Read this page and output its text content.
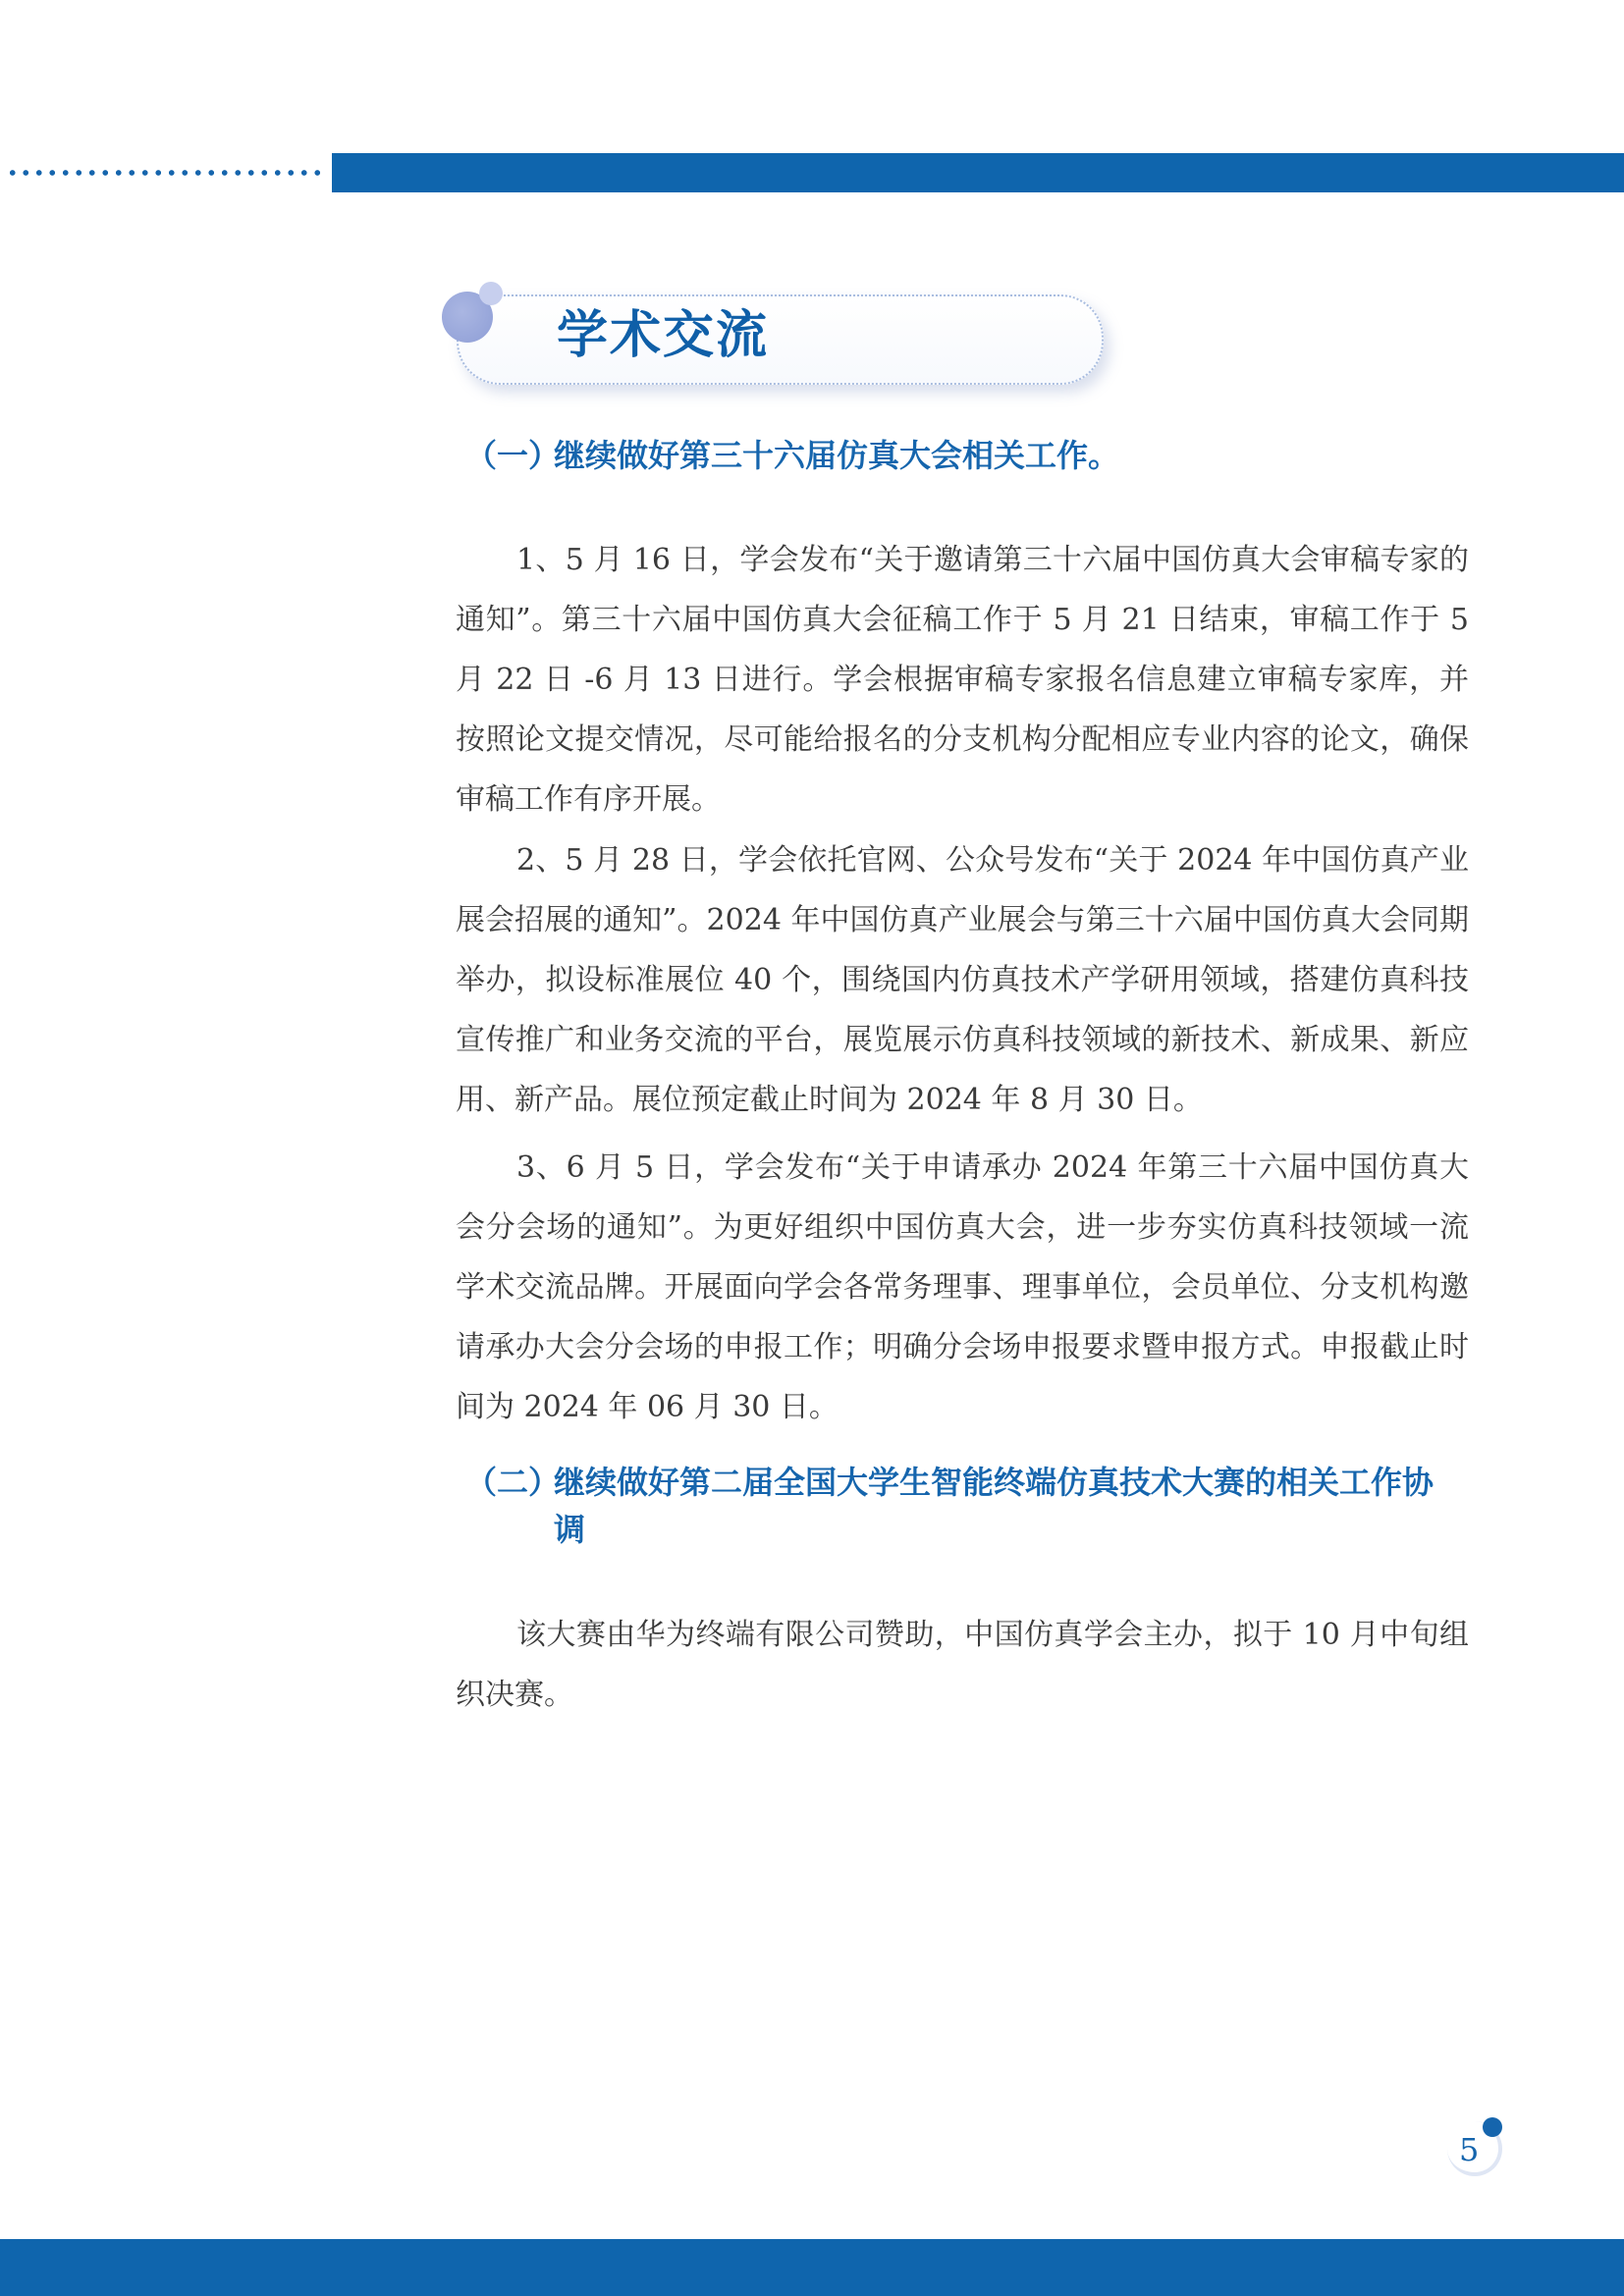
学术交流
（一）继续做好第三十六届仿真大会相关工作。

1、5 月 16 日，学会发布“关于邀请第三十六届中国仿真大会审稿专家的通知”。第三十六届中国仿真大会征稿工作于 5 月 21 日结束，审稿工作于 5 月 22 日 -6 月 13 日进行。学会根据审稿专家报名信息建立审稿专家库，并按照论文提交情况，尽可能给报名的分支机构分配相应专业内容的论文，确保审稿工作有序开展。

2、5 月 28 日，学会依托官网、公众号发布“关于 2024 年中国仿真产业展会招展的通知”。2024 年中国仿真产业展会与第三十六届中国仿真大会同期举办，拟设标准展位 40 个，围绕国内仿真技术产学研用领域，搭建仿真科技宣传推广和业务交流的平台，展览展示仿真科技领域的新技术、新成果、新应用、新产品。展位预定截止时间为 2024 年 8 月 30 日。

3、6 月 5 日，学会发布“关于申请承办 2024 年第三十六届中国仿真大会分会场的通知”。为更好组织中国仿真大会，进一步夯实仿真科技领域一流学术交流品牌。开展面向学会各常务理事、理事单位，会员单位、分支机构邀请承办大会分会场的申报工作；明确分会场申报要求暨申报方式。申报截止时间为 2024 年 06 月 30 日。

（二）继续做好第二届全国大学生智能终端仿真技术大赛的相关工作协调

该大赛由华为终端有限公司赞助，中国仿真学会主办，拟于 10 月中旬组织决赛。

5
